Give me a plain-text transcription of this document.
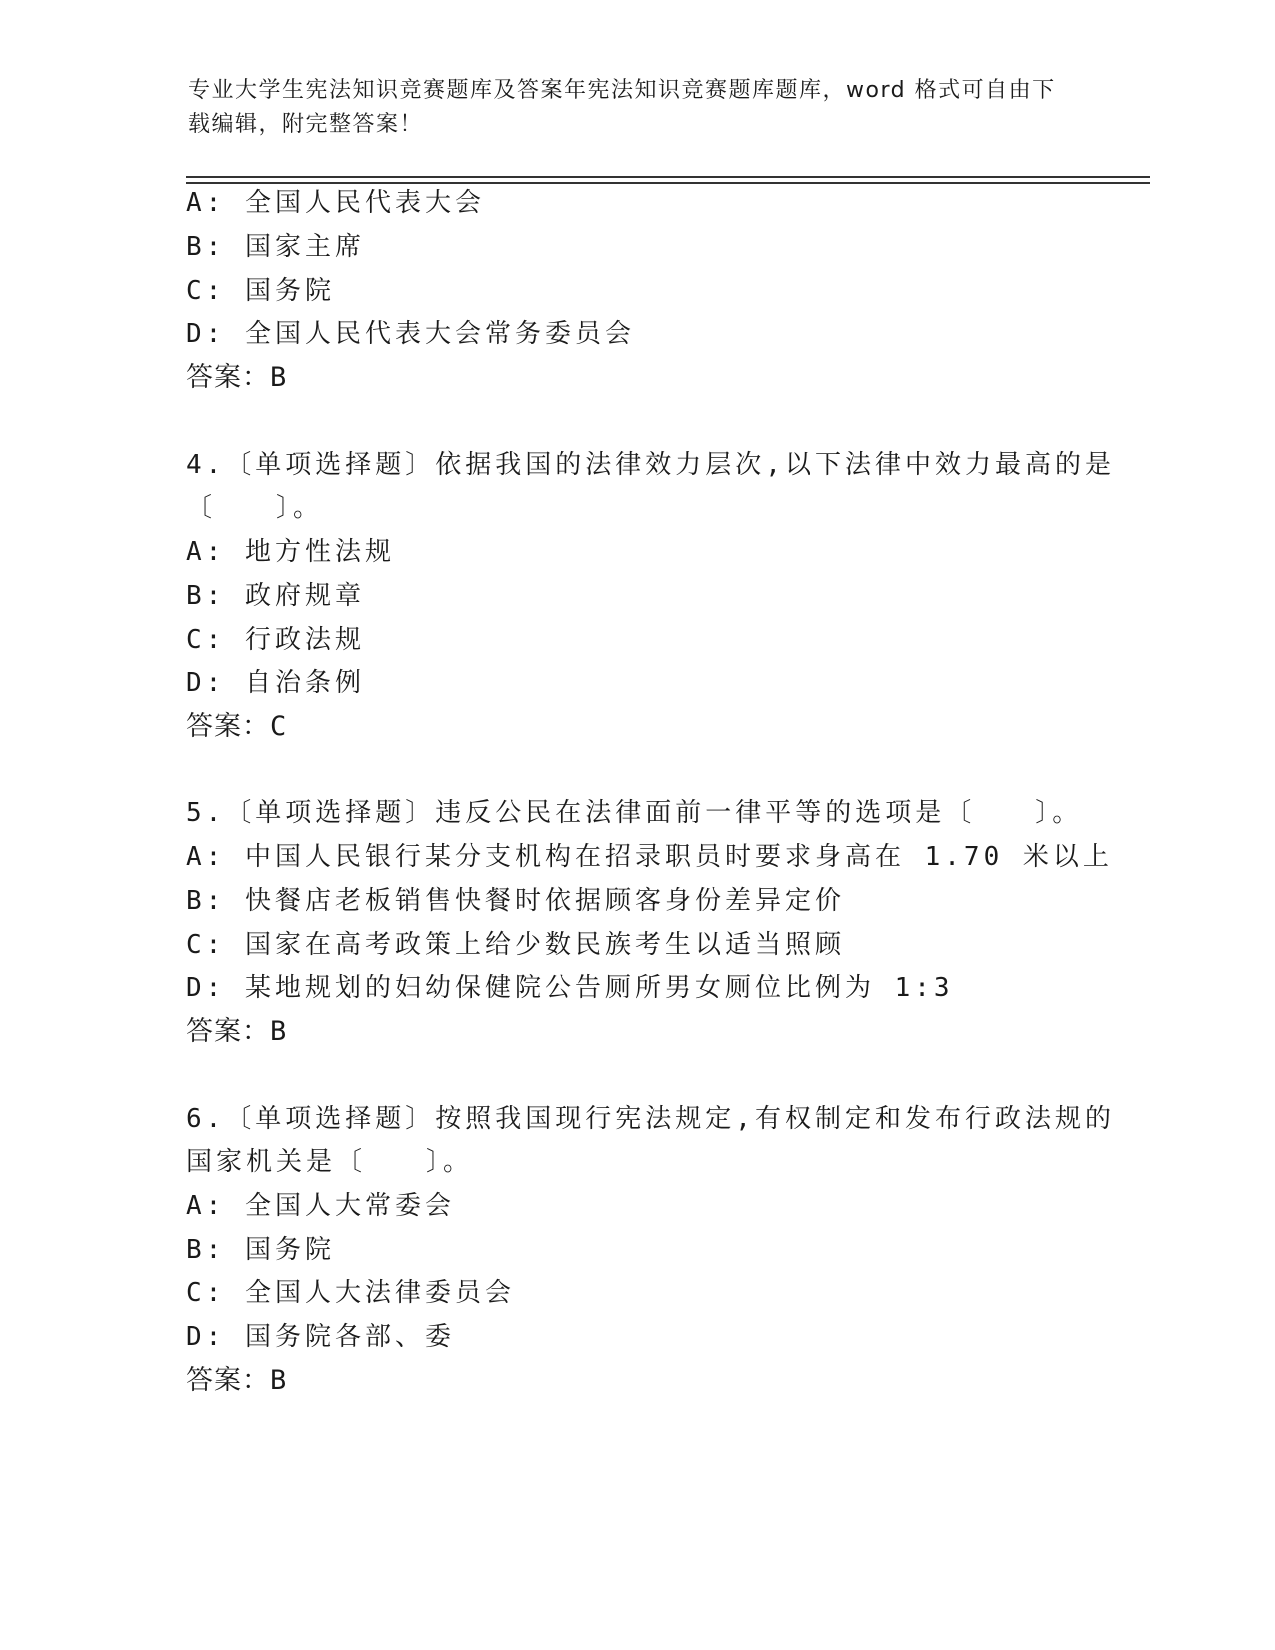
专业大学生宪法知识竞赛题库及答案年宪法知识竞赛题库题库，word 格式可自由下载编辑，附完整答案！
A: 全国人民代表大会
B: 国家主席
C: 国务院
D: 全国人民代表大会常务委员会
答案：B
4.〔单项选择题〕依据我国的法律效力层次,以下法律中效力最高的是
〔　　〕。
A: 地方性法规
B: 政府规章
C: 行政法规
D: 自治条例
答案：C
5.〔单项选择题〕违反公民在法律面前一律平等的选项是〔　　〕。
A: 中国人民银行某分支机构在招录职员时要求身高在 1.70 米以上
B: 快餐店老板销售快餐时依据顾客身份差异定价
C: 国家在高考政策上给少数民族考生以适当照顾
D: 某地规划的妇幼保健院公告厕所男女厕位比例为 1:3
答案：B
6.〔单项选择题〕按照我国现行宪法规定,有权制定和发布行政法规的
国家机关是〔　　〕。
A: 全国人大常委会
B: 国务院
C: 全国人大法律委员会
D: 国务院各部、委
答案：B
